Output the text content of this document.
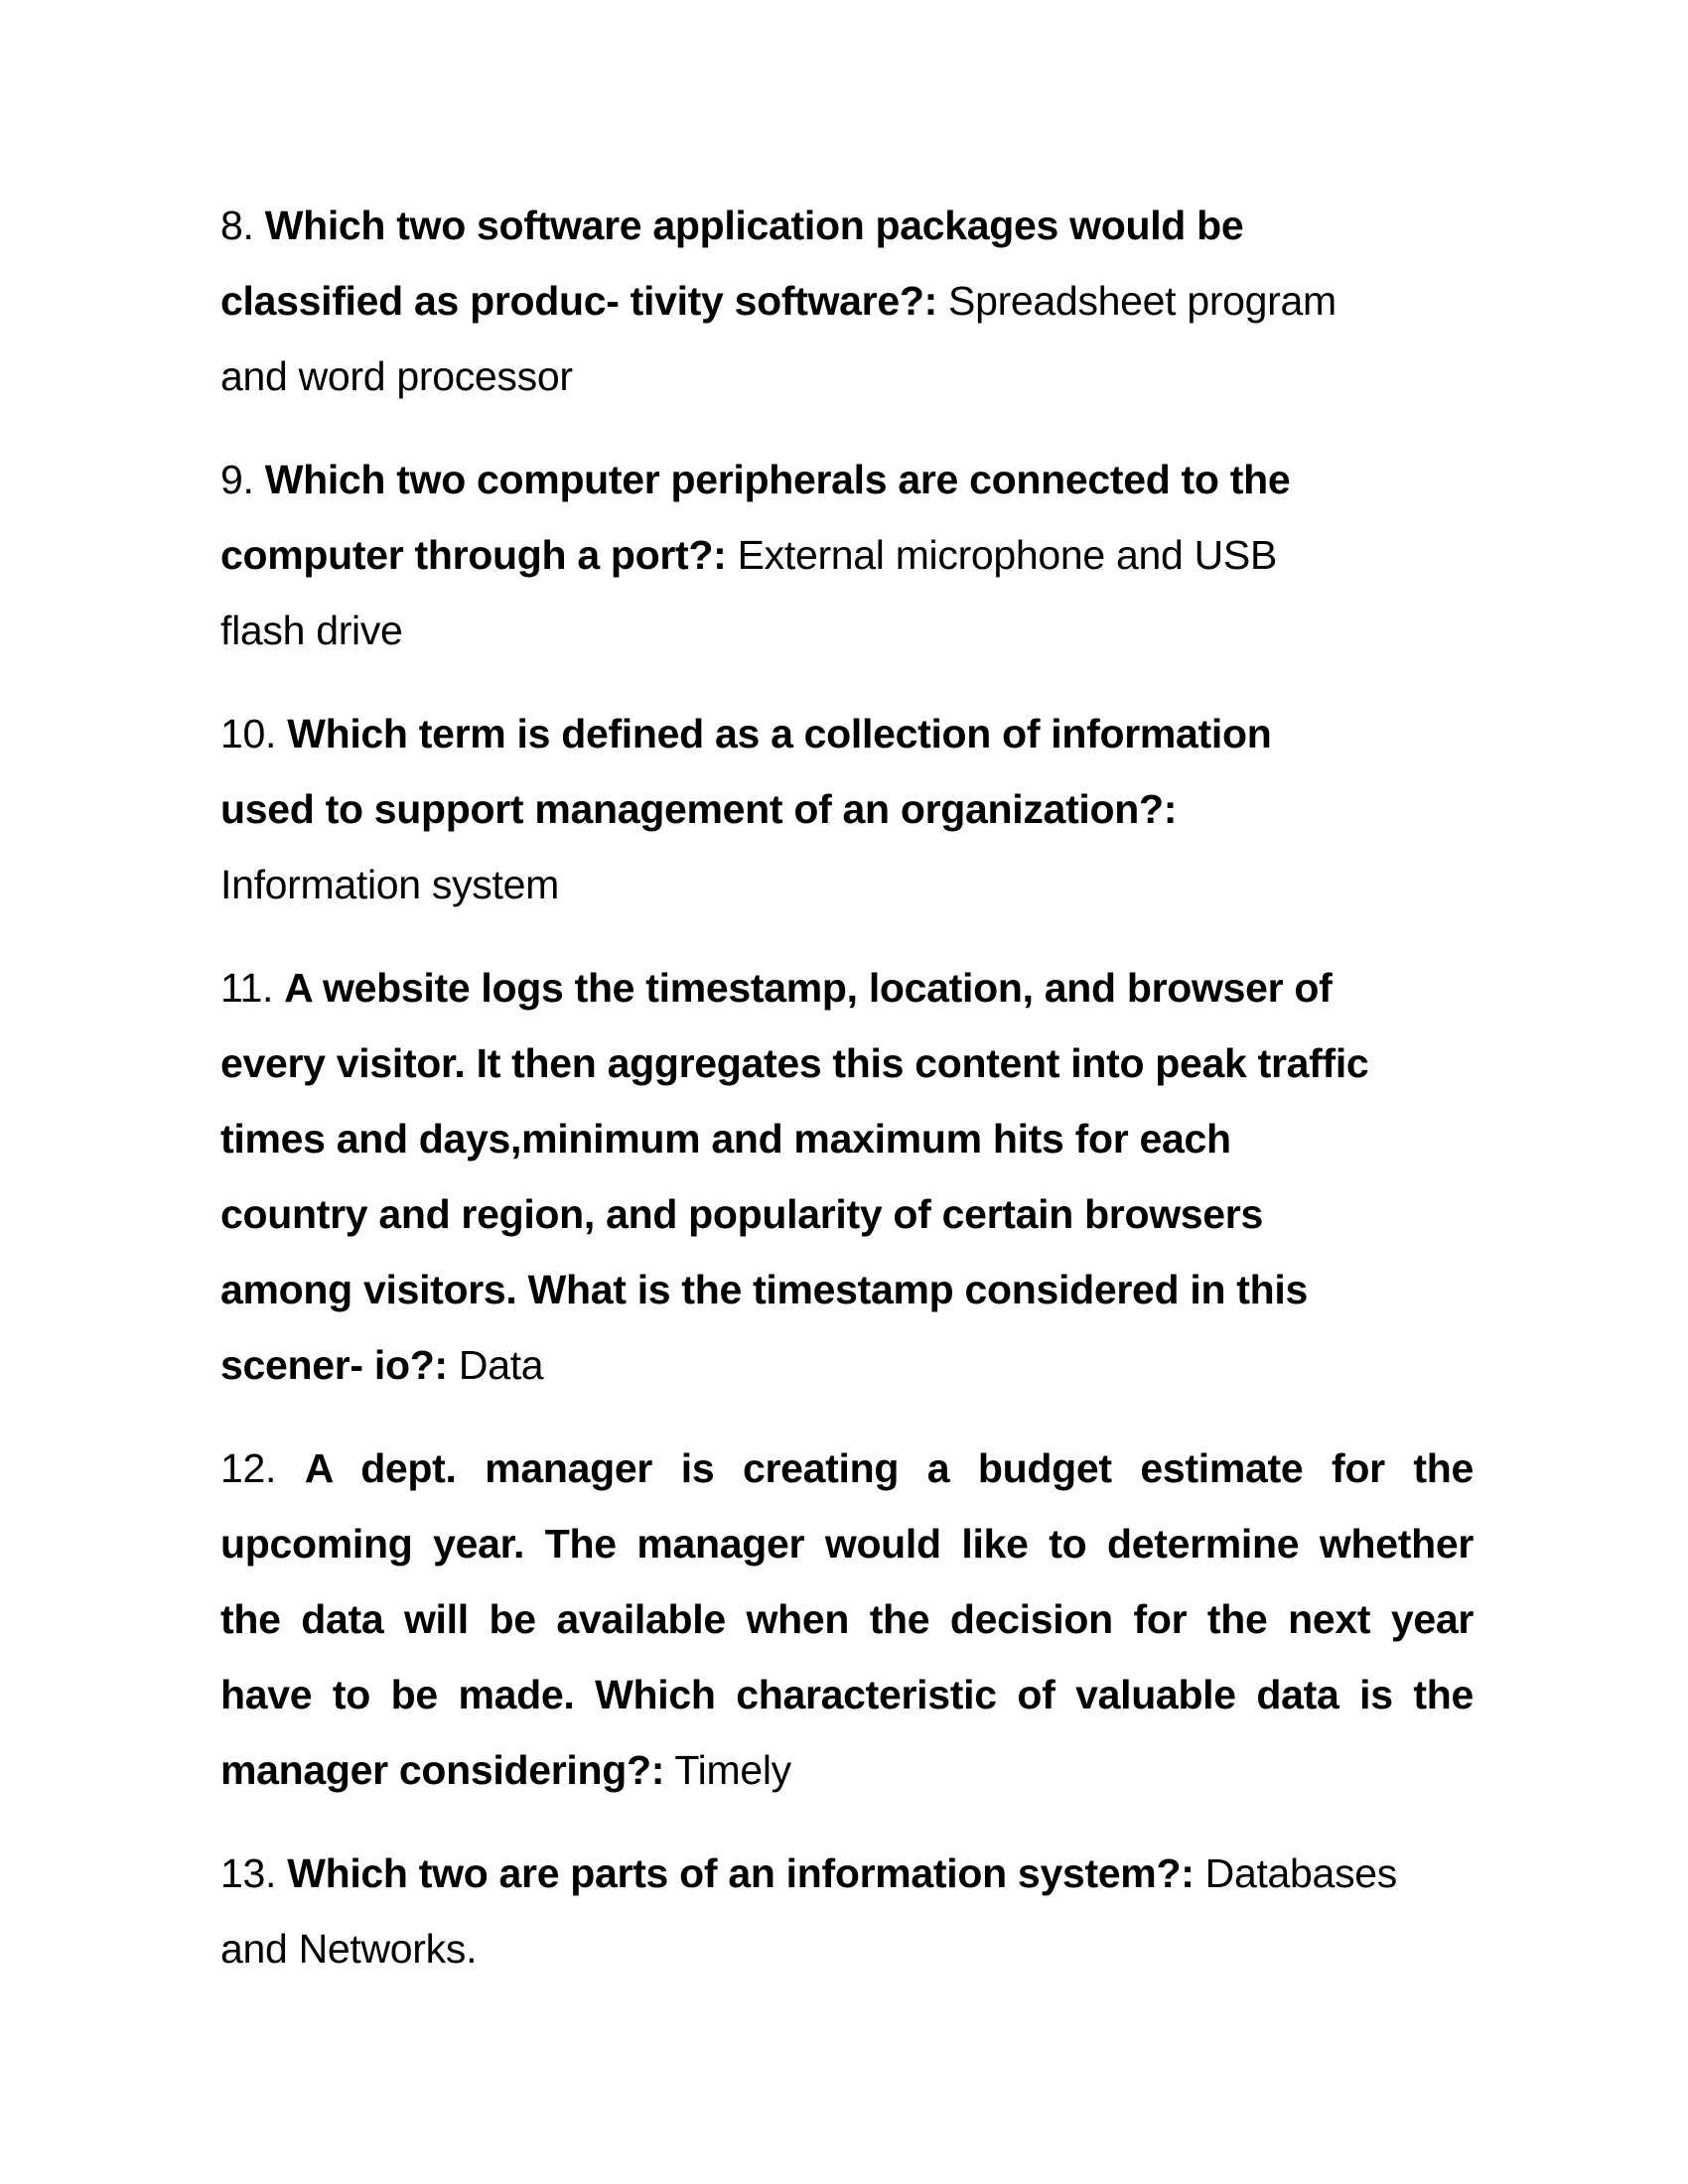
8. Which two software application packages would be
classified as produc- tivity software?: Spreadsheet program
and word processor
9. Which two computer peripherals are connected to the
computer through a port?: External microphone and USB
flash drive
10. Which term is defined as a collection of information
used to support management of an organization?:
Information system
11. A website logs the timestamp, location, and browser of
every visitor. It then aggregates this content into peak traffic
times and days,minimum and maximum hits for each
country and region, and popularity of certain browsers
among visitors. What is the timestamp considered in this
scener- io?: Data
12. A dept. manager is creating a budget estimate for the
upcoming year. The manager would like to determine whether
the data will be available when the decision for the next year
have to be made. Which characteristic of valuable data is the
manager considering?: Timely
13. Which two are parts of an information system?: Databases
and Networks.
